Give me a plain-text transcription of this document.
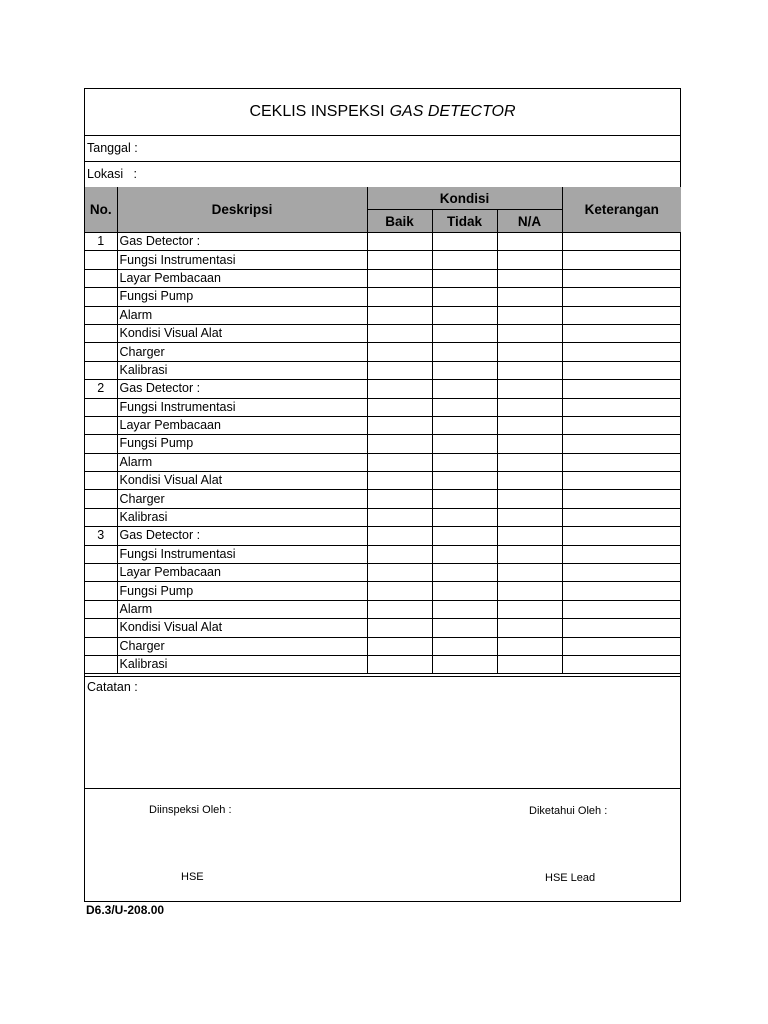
CEKLIS INSPEKSI GAS DETECTOR
Tanggal :
Lokasi   :
No.	Deskripsi	Kondisi			Keterangan
		Baik	Tidak	N/A	
1	Gas Detector :				
	Fungsi Instrumentasi				
	Layar Pembacaan				
	Fungsi Pump				
	Alarm				
	Kondisi Visual Alat				
	Charger				
	Kalibrasi				
2	Gas Detector :				
	Fungsi Instrumentasi				
	Layar Pembacaan				
	Fungsi Pump				
	Alarm				
	Kondisi Visual Alat				
	Charger				
	Kalibrasi				
3	Gas Detector :				
	Fungsi Instrumentasi				
	Layar Pembacaan				
	Fungsi Pump				
	Alarm				
	Kondisi Visual Alat				
	Charger				
	Kalibrasi				
Catatan :
Diinspeksi Oleh :	Diketahui Oleh :
HSE	HSE Lead
D6.3/U-208.00
